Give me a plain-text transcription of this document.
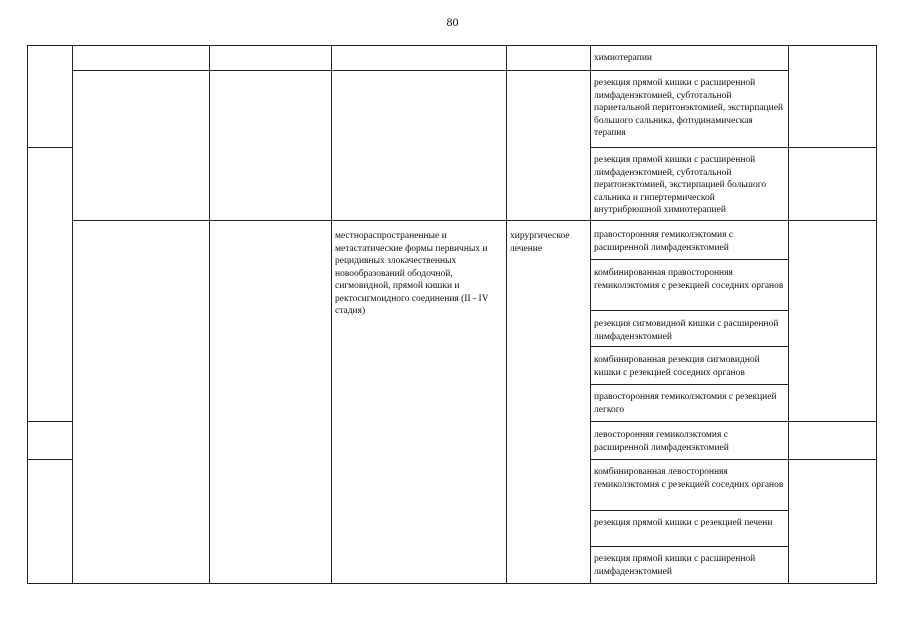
80
местнораспространенные и метастатические формы первичных и рецидивных злокачественных новообразований ободочной, сигмовидной, прямой кишки и ректосигмоидного соединения (II - IV стадия)
хирургическое лечение
химиотерапии
резекция прямой кишки с расширенной лимфаденэктомией, субтотальной париетальной перитонэктомией, экстирпацией большого сальника, фотодинамическая терапия
резекция прямой кишки с расширенной лимфаденэктомией, субтотальной перитонэктомией, экстирпацией большого сальника и гипертермической внутрибрюшной химиотерапией
правосторонняя гемиколэктомия с расширенной лимфаденэктомией
комбинированная правосторонняя гемиколэктомия с резекцией соседних органов
резекция сигмовидной кишки с расширенной лимфаденэктомией
комбинированная резекция сигмовидной кишки с резекцией соседних органов
правосторонняя гемиколэктомия с резекцией легкого
левосторонняя гемиколэктомия с расширенной лимфаденэктомией
комбинированная левосторонняя гемиколэктомия с резекцией соседних органов
резекция прямой кишки с резекцией печени
резекция прямой кишки с расширенной лимфаденэктомией
